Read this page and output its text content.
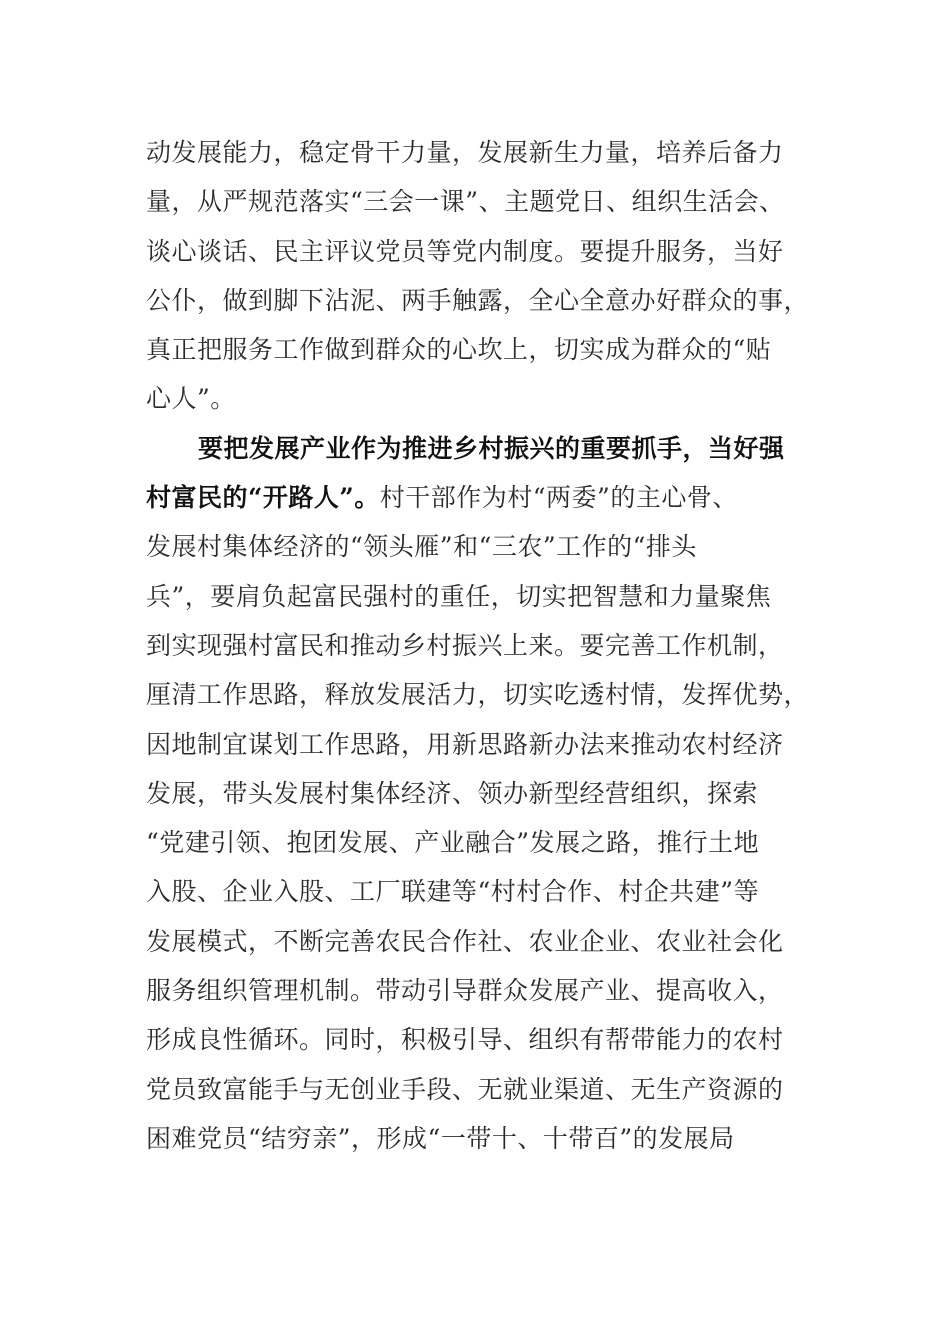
动发展能力，稳定骨干力量，发展新生力量，培养后备力
量，从严规范落实“三会一课”、主题党日、组织生活会、
谈心谈话、民主评议党员等党内制度。要提升服务，当好
公仆，做到脚下沾泥、两手触露，全心全意办好群众的事，
真正把服务工作做到群众的心坎上，切实成为群众的“贴
心人”。
要把发展产业作为推进乡村振兴的重要抓手，当好强
村富民的“开路人”。村干部作为村“两委”的主心骨、
发展村集体经济的“领头雁”和“三农”工作的“排头
兵”，要肩负起富民强村的重任，切实把智慧和力量聚焦
到实现强村富民和推动乡村振兴上来。要完善工作机制，
厘清工作思路，释放发展活力，切实吃透村情，发挥优势，
因地制宜谋划工作思路，用新思路新办法来推动农村经济
发展，带头发展村集体经济、领办新型经营组织，探索
“党建引领、抱团发展、产业融合”发展之路，推行土地
入股、企业入股、工厂联建等“村村合作、村企共建”等
发展模式，不断完善农民合作社、农业企业、农业社会化
服务组织管理机制。带动引导群众发展产业、提高收入，
形成良性循环。同时，积极引导、组织有帮带能力的农村
党员致富能手与无创业手段、无就业渠道、无生产资源的
困难党员“结穷亲”，形成“一带十、十带百”的发展局
